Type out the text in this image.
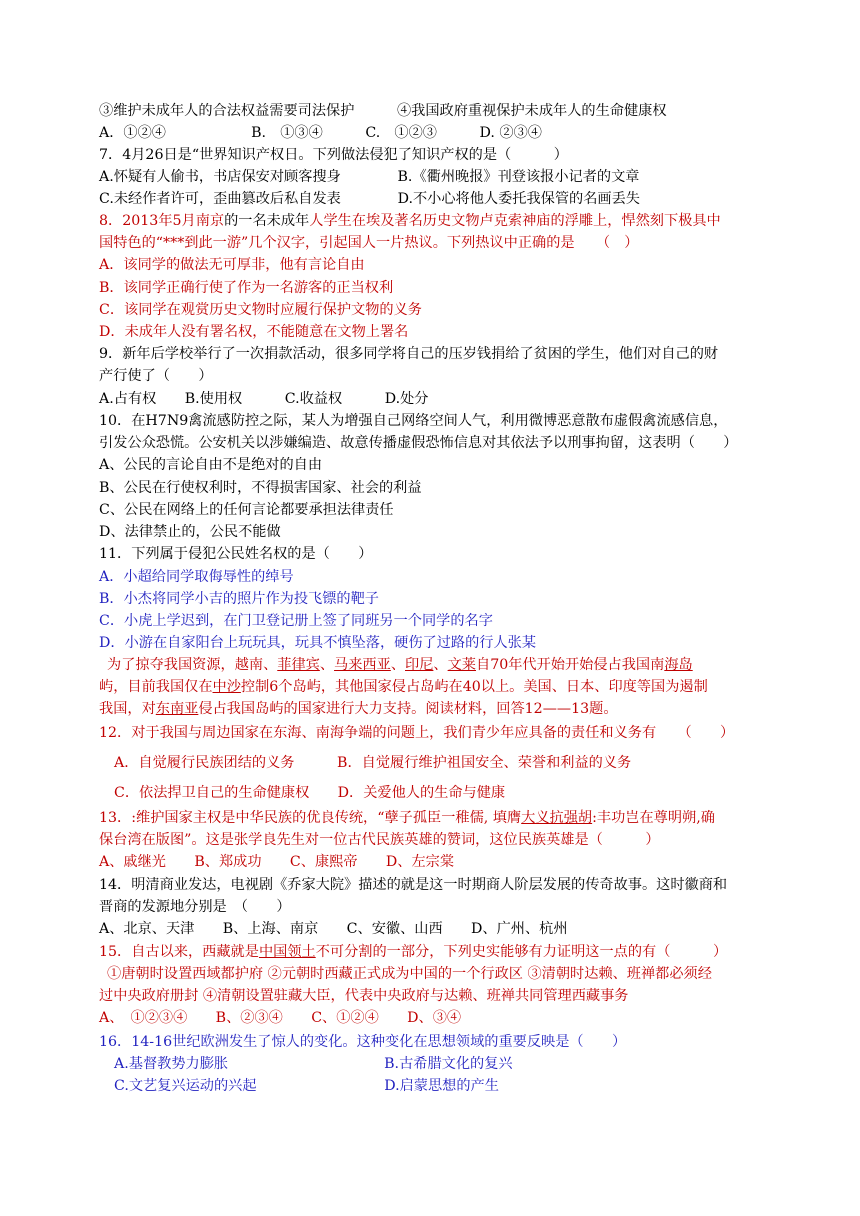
③维护未成年人的合法权益需要司法保护　　　④我国政府重视保护未成年人的生命健康权
A．①②④　　　　　　B.　①③④　　　C.　①②③　　　D. ②③④
7．4月26日是“世界知识产权日。下列做法侵犯了知识产权的是（　　　）
A.怀疑有人偷书，书店保安对顾客搜身　　　　B.《衢州晚报》刊登该报小记者的文章
C.未经作者许可，歪曲篡改后私自发表　　　　D.不小心将他人委托我保管的名画丢失
8．2013年5月南京的一名未成年人学生在埃及著名历史文物卢克索神庙的浮雕上，悍然刻下极具中
国特色的“***到此一游”几个汉字，引起国人一片热议。下列热议中正确的是　　（　）
A．该同学的做法无可厚非，他有言论自由
B．该同学正确行使了作为一名游客的正当权利
C．该同学在观赏历史文物时应履行保护文物的义务
D．未成年人没有署名权，不能随意在文物上署名
9．新年后学校举行了一次捐款活动，很多同学将自己的压岁钱捐给了贫困的学生，他们对自己的财
产行使了（　　）
A.占有权　　B.使用权　　　C.收益权　　　D.处分
10．在H7N9禽流感防控之际，某人为增强自己网络空间人气，利用微博恶意散布虚假禽流感信息，
引发公众恐慌。公安机关以涉嫌编造、故意传播虚假恐怖信息对其依法予以刑事拘留，这表明（　　）
A、公民的言论自由不是绝对的自由
B、公民在行使权利时，不得损害国家、社会的利益
C、公民在网络上的任何言论都要承担法律责任
D、法律禁止的，公民不能做
11．下列属于侵犯公民姓名权的是（　　）
A．小超给同学取侮辱性的绰号
B．小杰将同学小吉的照片作为投飞镖的靶子
C．小虎上学迟到，在门卫登记册上签了同班另一个同学的名字
D．小游在自家阳台上玩玩具，玩具不慎坠落，硬伤了过路的行人张某
为了掠夺我国资源，越南、菲律宾、马来西亚、印尼、文莱自70年代开始开始侵占我国南海岛
屿，目前我国仅在中沙控制6个岛屿，其他国家侵占岛屿在40以上。美国、日本、印度等国为遏制
我国，对东南亚侵占我国岛屿的国家进行大力支持。阅读材料，回答12——13题。
12．对于我国与周边国家在东海、南海争端的问题上，我们青少年应具备的责任和义务有　　（　　）
A．自觉履行民族团结的义务　　　B．自觉履行维护祖国安全、荣誉和利益的义务
C．依法捍卫自己的生命健康权　　D．关爱他人的生命与健康
13．:维护国家主权是中华民族的优良传统，“孽子孤臣一稚儒, 填膺大义抗强胡:丰功岂在尊明朔,确
保台湾在版图”。这是张学良先生对一位古代民族英雄的赞词，这位民族英雄是（　　　）
A、戚继光　　B、郑成功　　C、康熙帝　　D、左宗棠
14．明清商业发达，电视剧《乔家大院》描述的就是这一时期商人阶层发展的传奇故事。这时徽商和
晋商的发源地分别是　（　　）
A、北京、天津　　B、上海、南京　　C、安徽、山西　　D、广州、杭州
15．自古以来，西藏就是中国领土不可分割的一部分，下列史实能够有力证明这一点的有（　　　）
①唐朝时设置西域都护府 ②元朝时西藏正式成为中国的一个行政区 ③清朝时达赖、班禅都必须经
过中央政府册封 ④清朝设置驻藏大臣，代表中央政府与达赖、班禅共同管理西藏事务
A、　①②③④　　B、②③④　　C、①②④　　D、③④
16．14-16世纪欧洲发生了惊人的变化。这种变化在思想领域的重要反映是（　　）
A.基督教势力膨胀　　　　　　　　　　　B.古希腊文化的复兴
C.文艺复兴运动的兴起　　　　　　　　　D.启蒙思想的产生
